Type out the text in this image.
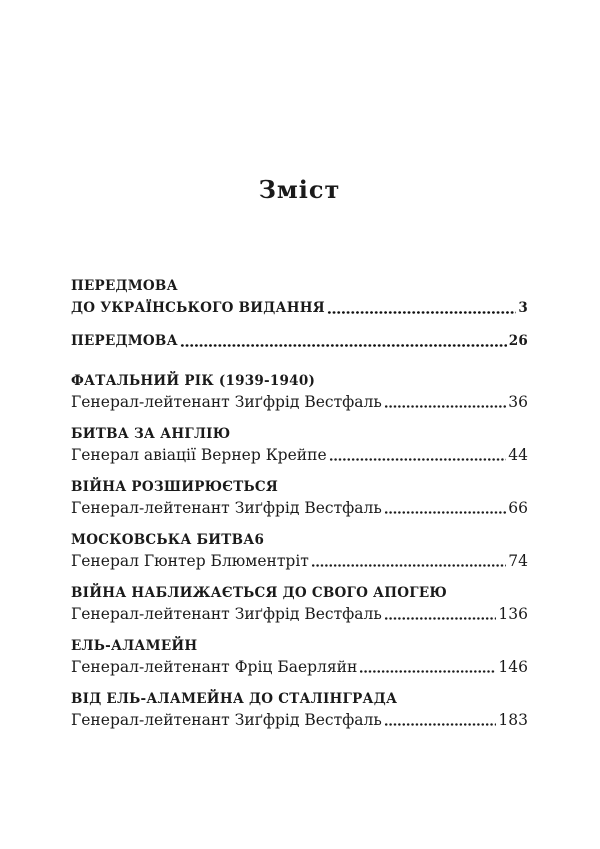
Зміст
ПЕРЕДМОВА
ДО УКРАЇНСЬКОГО ВИДАННЯ	3
ПЕРЕДМОВА	26
ФАТАЛЬНИЙ РІК (1939-1940)
Генерал-лейтенант Зиґфрід Вестфаль	36
БИТВА ЗА АНГЛІЮ
Генерал авіації Вернер Крейпе	44
ВІЙНА РОЗШИРЮЄТЬСЯ
Генерал-лейтенант Зиґфрід Вестфаль	66
МОСКОВСЬКА БИТВА6
Генерал Гюнтер Блюментріт	74
ВІЙНА НАБЛИЖАЄТЬСЯ ДО СВОГО АПОГЕЮ
Генерал-лейтенант Зиґфрід Вестфаль	136
ЕЛЬ-АЛАМЕЙН
Генерал-лейтенант Фріц Баерляйн	146
ВІД ЕЛЬ-АЛАМЕЙНА ДО СТАЛІНГРАДА
Генерал-лейтенант Зиґфрід Вестфаль	183
